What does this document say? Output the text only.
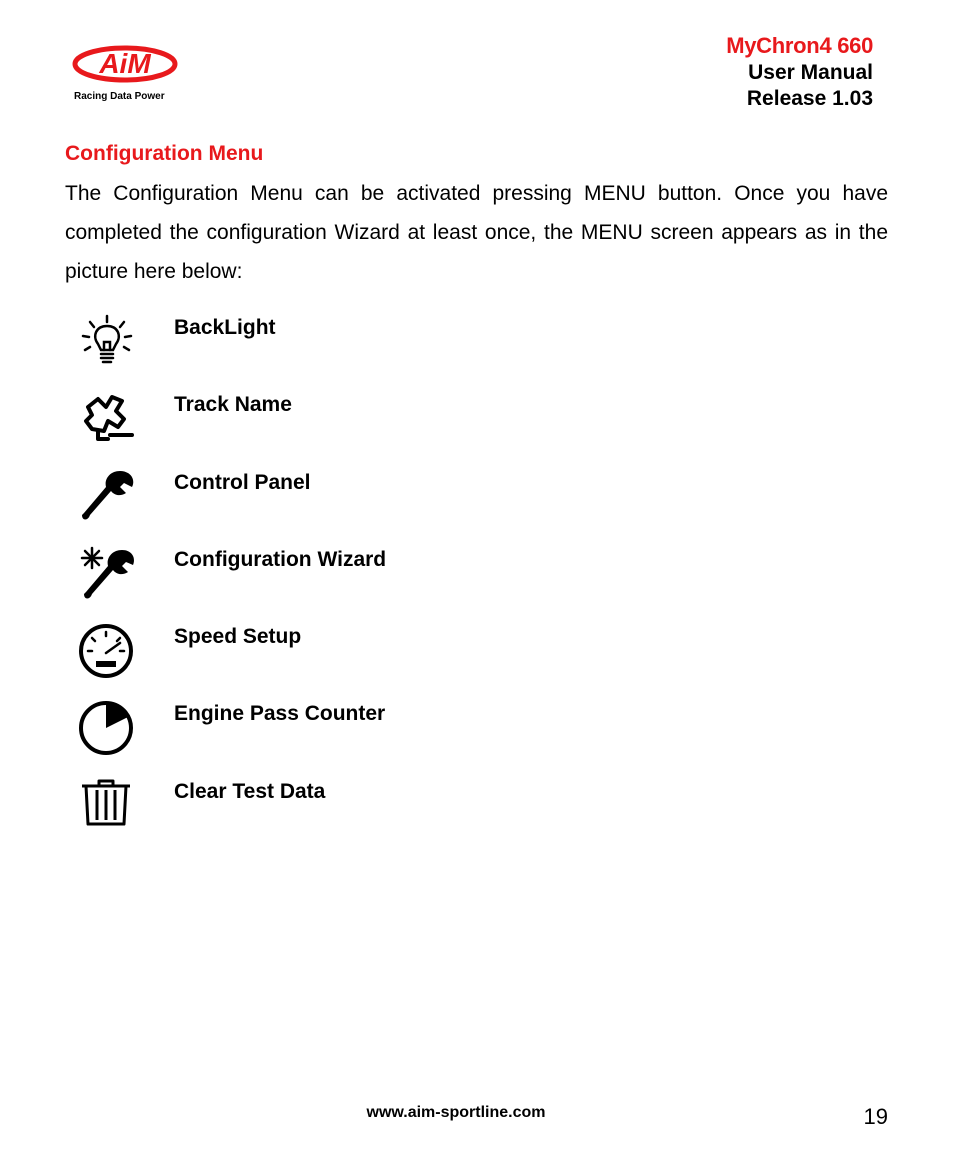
AiM
Racing Data Power
MyChron4 660
User Manual
Release 1.03
Configuration Menu

The Configuration Menu can be activated pressing MENU button. Once you have completed the configuration Wizard at least once, the MENU screen appears as in the picture here below:

BackLight
Track Name
Control Panel
Configuration Wizard
Speed Setup
Engine Pass Counter
Clear Test Data
www.aim-sportline.com	19
